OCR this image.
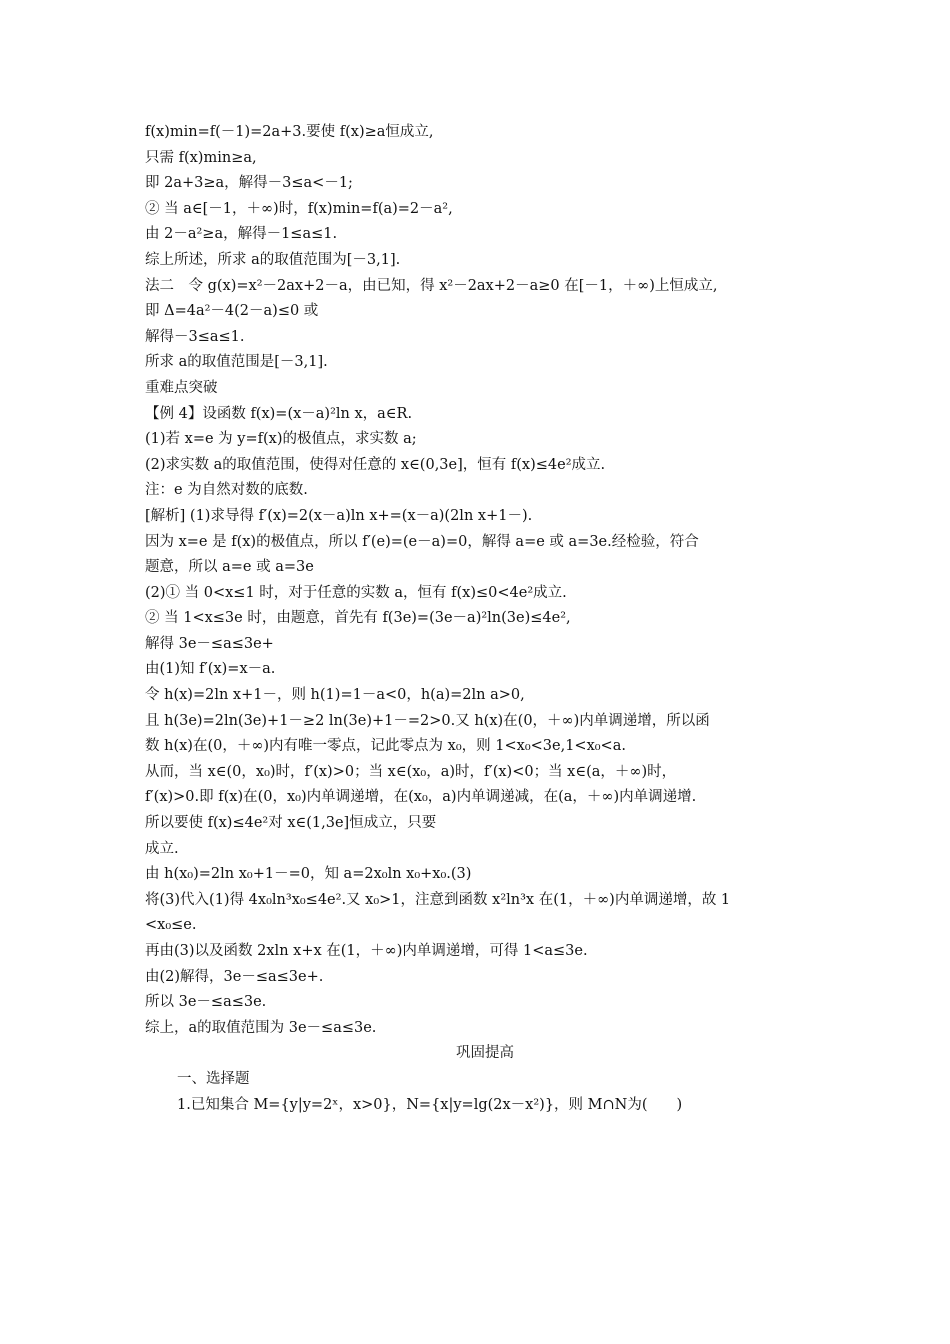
f(x)min=f(－1)=2a+3.要使 f(x)≥a恒成立,
只需 f(x)min≥a,
即 2a+3≥a，解得－3≤a<－1;
② 当 a∈[－1，＋∞)时，f(x)min=f(a)=2－a²,
由 2－a²≥a，解得－1≤a≤1.
综上所述，所求 a的取值范围为[－3,1].
法二　令 g(x)=x²－2ax+2－a，由已知，得 x²－2ax+2－a≥0 在[－1，＋∞)上恒成立,
即 Δ=4a²－4(2－a)≤0 或
解得－3≤a≤1.
所求 a的取值范围是[－3,1].
重难点突破
【例 4】设函数 f(x)=(x－a)²ln x，a∈R.
(1)若 x=e 为 y=f(x)的极值点，求实数 a;
(2)求实数 a的取值范围，使得对任意的 x∈(0,3e]，恒有 f(x)≤4e²成立.
注：e 为自然对数的底数.
[解析] (1)求导得 f′(x)=2(x－a)ln x+=(x－a)(2ln x+1－).
因为 x=e 是 f(x)的极值点，所以 f′(e)=(e－a)=0，解得 a=e 或 a=3e.经检验，符合
题意，所以 a=e 或 a=3e
(2)① 当 0<x≤1 时，对于任意的实数 a，恒有 f(x)≤0<4e²成立.
② 当 1<x≤3e 时，由题意，首先有 f(3e)=(3e－a)²ln(3e)≤4e²,
解得 3e－≤a≤3e+
由(1)知 f′(x)=x－a.
令 h(x)=2ln x+1－，则 h(1)=1－a<0，h(a)=2ln a>0,
且 h(3e)=2ln(3e)+1－≥2 ln(3e)+1－=2>0.又 h(x)在(0，＋∞)内单调递增，所以函
数 h(x)在(0，＋∞)内有唯一零点，记此零点为 x₀，则 1<x₀<3e,1<x₀<a.
从而，当 x∈(0，x₀)时，f′(x)>0；当 x∈(x₀，a)时，f′(x)<0；当 x∈(a，＋∞)时，
f′(x)>0.即 f(x)在(0，x₀)内单调递增，在(x₀，a)内单调递减，在(a，＋∞)内单调递增.
所以要使 f(x)≤4e²对 x∈(1,3e]恒成立，只要
成立.
由 h(x₀)=2ln x₀+1－=0，知 a=2x₀ln x₀+x₀.(3)
将(3)代入(1)得 4x₀ln³x₀≤4e².又 x₀>1，注意到函数 x²ln³x 在(1，＋∞)内单调递增，故 1
<x₀≤e.
再由(3)以及函数 2xln x+x 在(1，＋∞)内单调递增，可得 1<a≤3e.
由(2)解得，3e－≤a≤3e+.
所以 3e－≤a≤3e.
综上，a的取值范围为 3e－≤a≤3e.
巩固提高
一、选择题
1.已知集合 M={y|y=2ˣ，x>0}，N={x|y=lg(2x－x²)}，则 M∩N为(　　)
